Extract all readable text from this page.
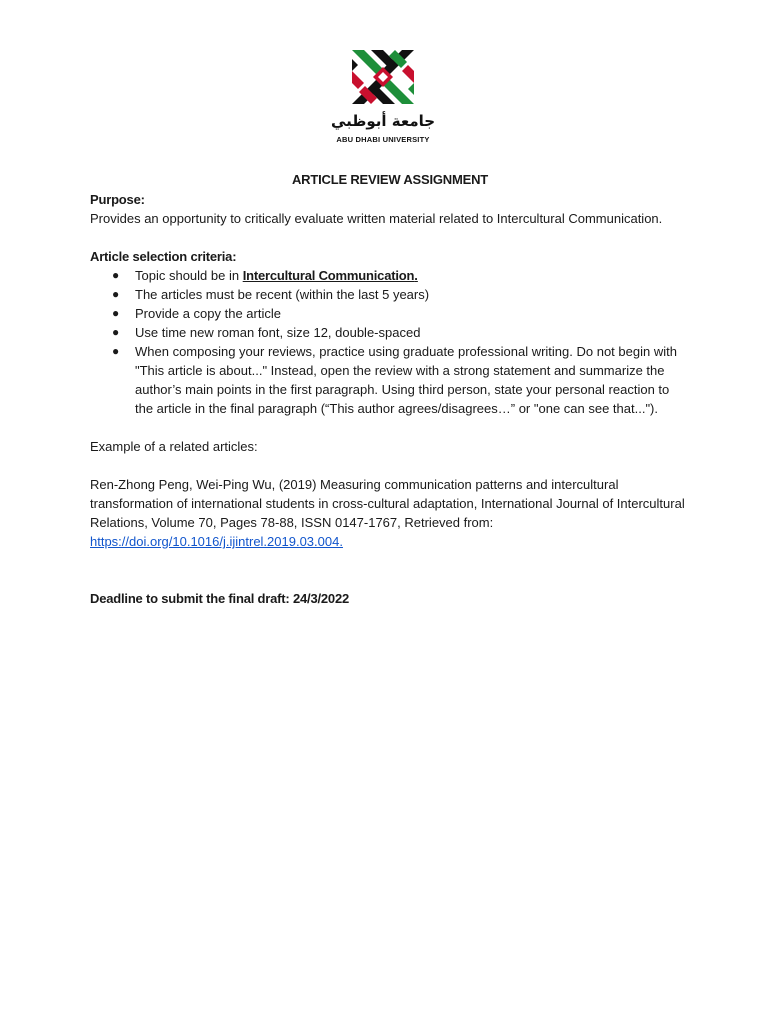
جامعة أبوظبي
ABU DHABI UNIVERSITY

ARTICLE REVIEW ASSIGNMENT

Purpose:

Provides an opportunity to critically evaluate written material related to Intercultural Communication.

Article selection criteria:
● Topic should be in Intercultural Communication.
● The articles must be recent (within the last 5 years)
● Provide a copy the article
● Use time new roman font, size 12, double-spaced
● When composing your reviews, practice using graduate professional writing. Do not begin with "This article is about..." Instead, open the review with a strong statement and summarize the author’s main points in the first paragraph. Using third person, state your personal reaction to the article in the final paragraph (“This author agrees/disagrees…” or "one can see that...").

Example of a related articles:

Ren-Zhong Peng, Wei-Ping Wu, (2019) Measuring communication patterns and intercultural transformation of international students in cross-cultural adaptation, International Journal of Intercultural Relations, Volume 70, Pages 78-88, ISSN 0147-1767, Retrieved from:

https://doi.org/10.1016/j.ijintrel.2019.03.004.

Deadline to submit the final draft: 24/3/2022
